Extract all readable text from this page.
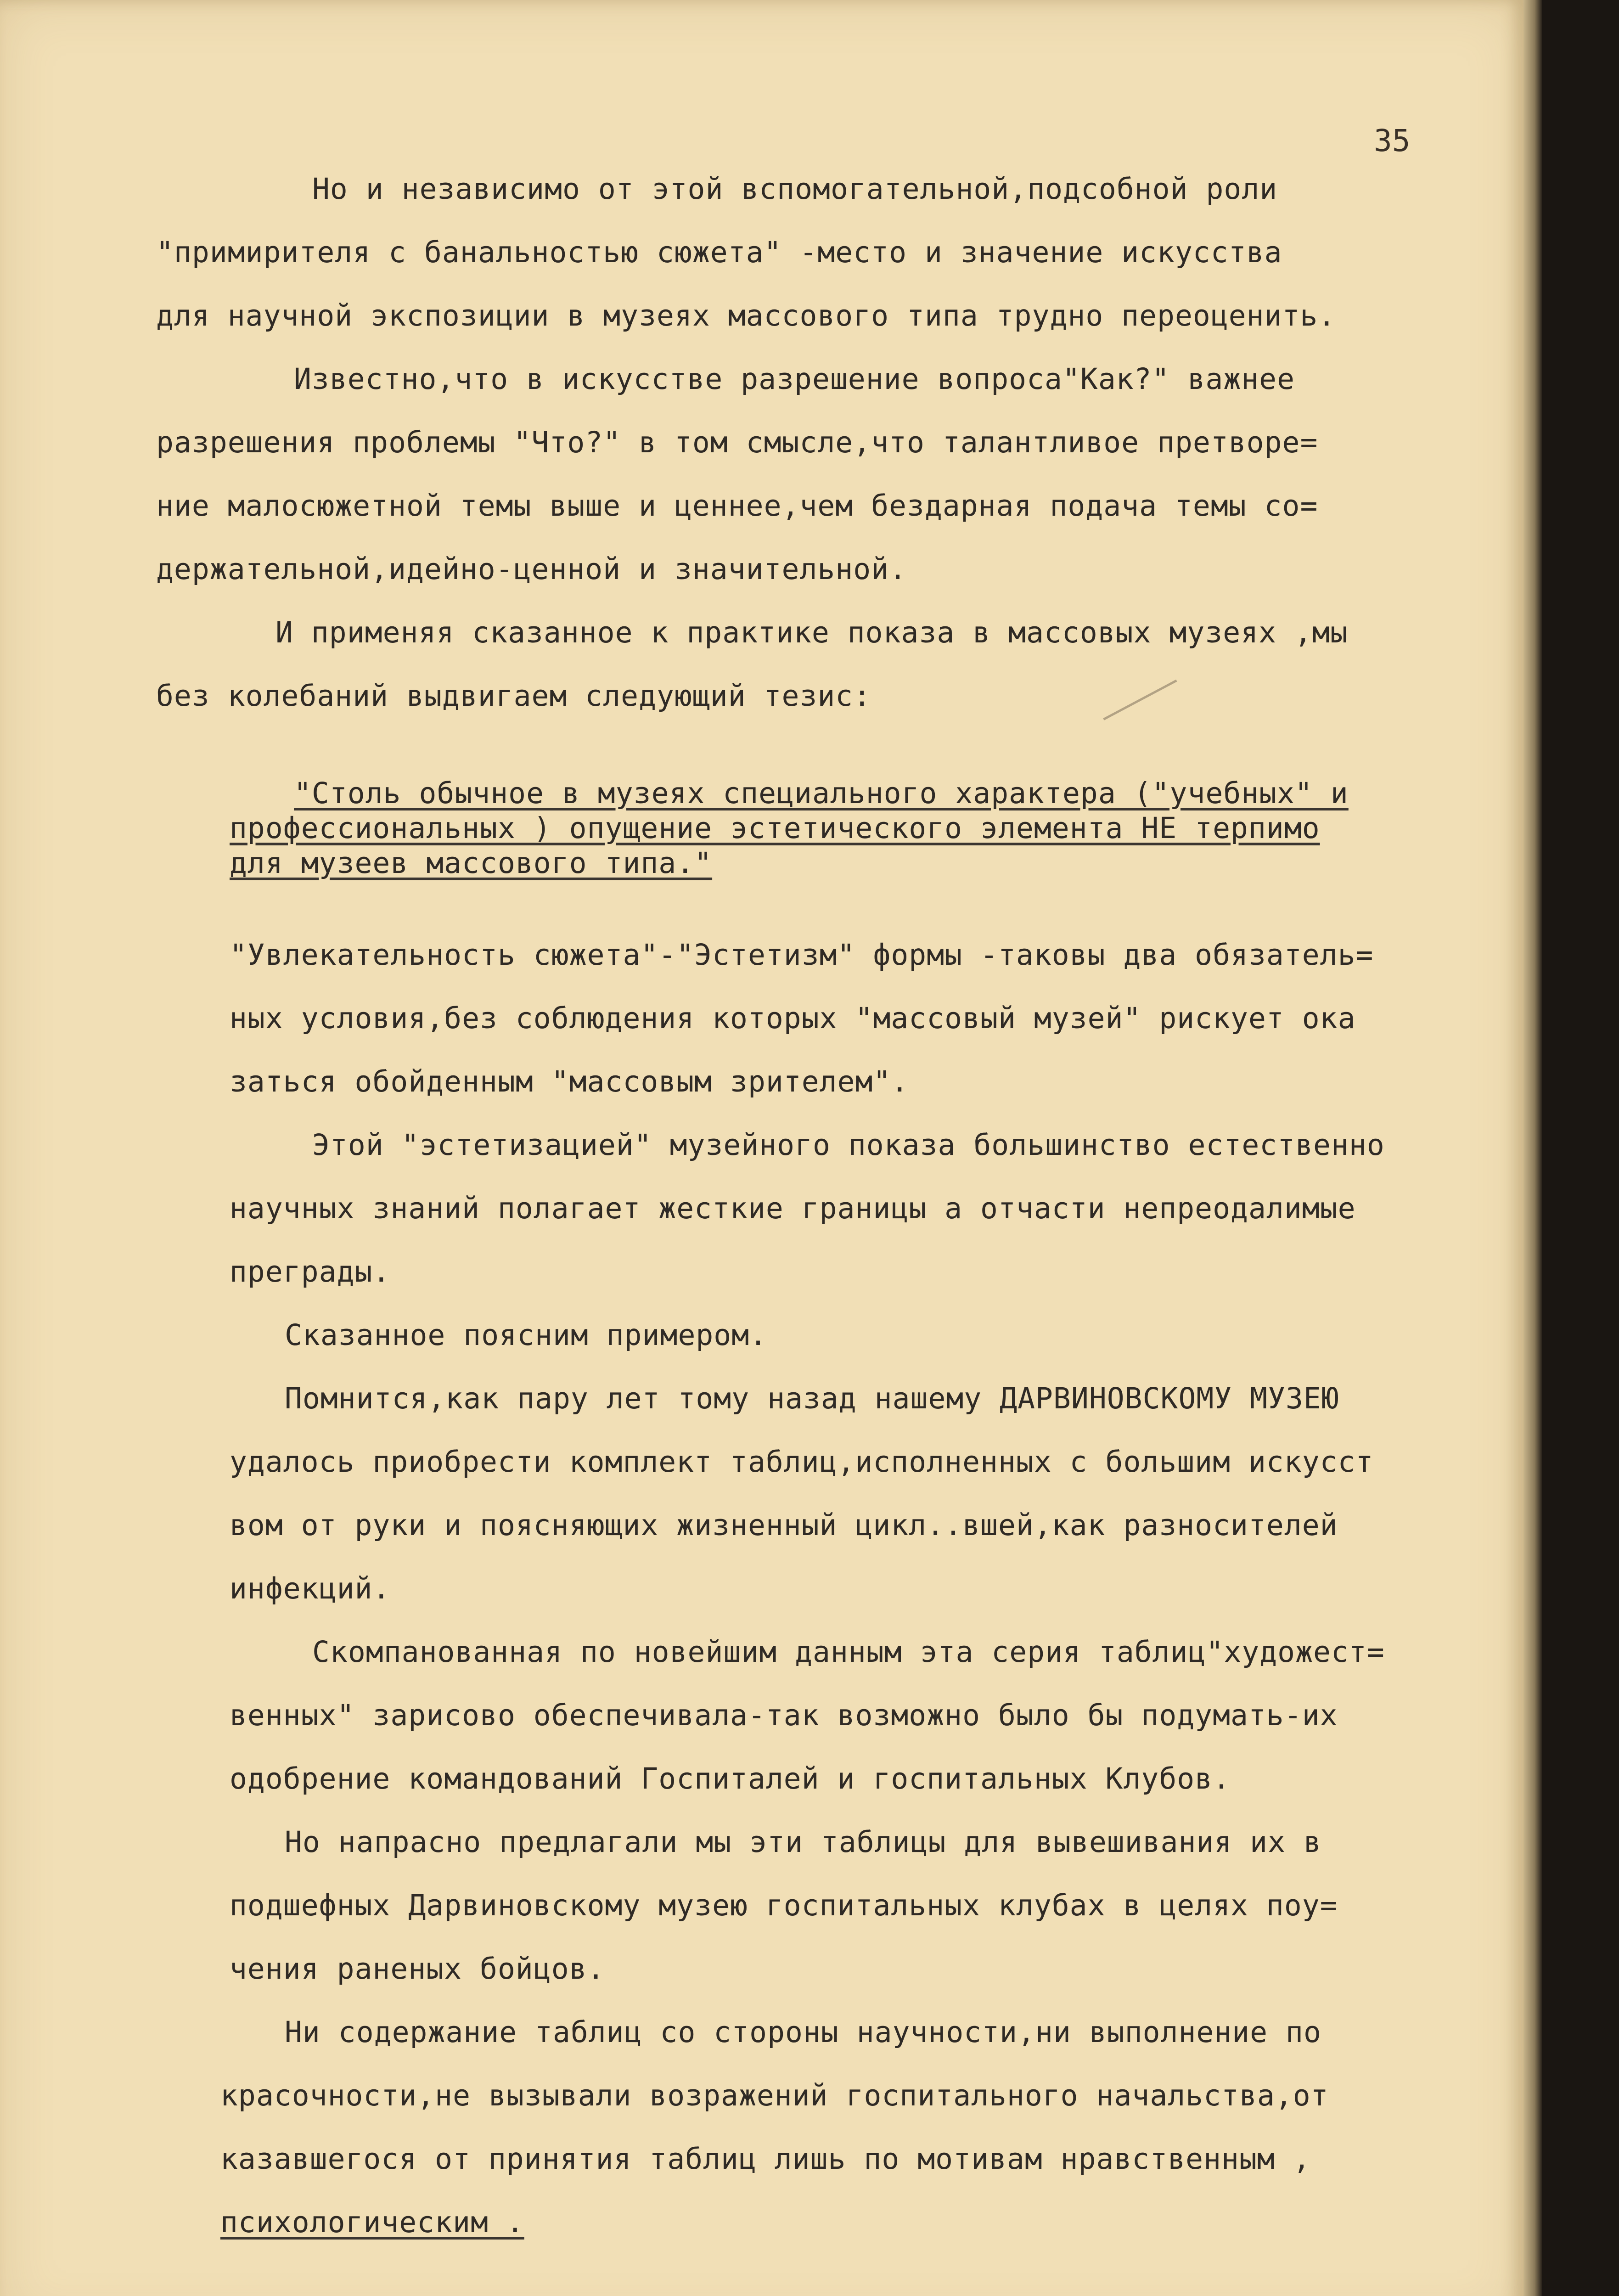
35
Но и независимо от этой вспомогательной,подсобной роли
"примирителя с банальностью сюжета" -место и значение искусства
для научной экспозиции в музеях массового типа трудно переоценить.
Известно,что в искусстве разрешение вопроса"Как?" важнее
разрешения проблемы "Что?" в том смысле,что талантливое претворе=
ние малосюжетной темы выше и ценнее,чем бездарная подача темы со=
держательной,идейно-ценной и значительной.
И применяя сказанное к практике показа в массовых музеях ,мы
без колебаний выдвигаем следующий тезис:
"Столь обычное в музеях специального характера ("учебных" и
профессиональных ) опущение эстетического элемента НЕ терпимо
для музеев массового типа."
"Увлекательность сюжета"-"Эстетизм" формы -таковы два обязатель=
ных условия,без соблюдения которых "массовый музей" рискует ока
заться обойденным "массовым зрителем".
Этой "эстетизацией" музейного показа большинство естественно
научных знаний полагает жесткие границы а отчасти непреодалимые
преграды.
Сказанное поясним примером.
Помнится,как пару лет тому назад нашему ДАРВИНОВСКОМУ МУЗЕЮ
удалось приобрести комплект таблиц,исполненных с большим искусст
вом от руки и поясняющих жизненный цикл..вшей,как разносителей
инфекций.
Скомпанованная по новейшим данным эта серия таблиц"художест=
венных" зарисово обеспечивала-так возможно было бы подумать-их
одобрение командований Госпиталей и госпитальных Клубов.
Но напрасно предлагали мы эти таблицы для вывешивания их в
подшефных Дарвиновскому музею госпитальных клубах в целях поу=
чения раненых бойцов.
Ни содержание таблиц со стороны научности,ни выполнение по
красочности,не вызывали возражений госпитального начальства,от
казавшегося от принятия таблиц лишь по мотивам нравственным ,
психологическим .
